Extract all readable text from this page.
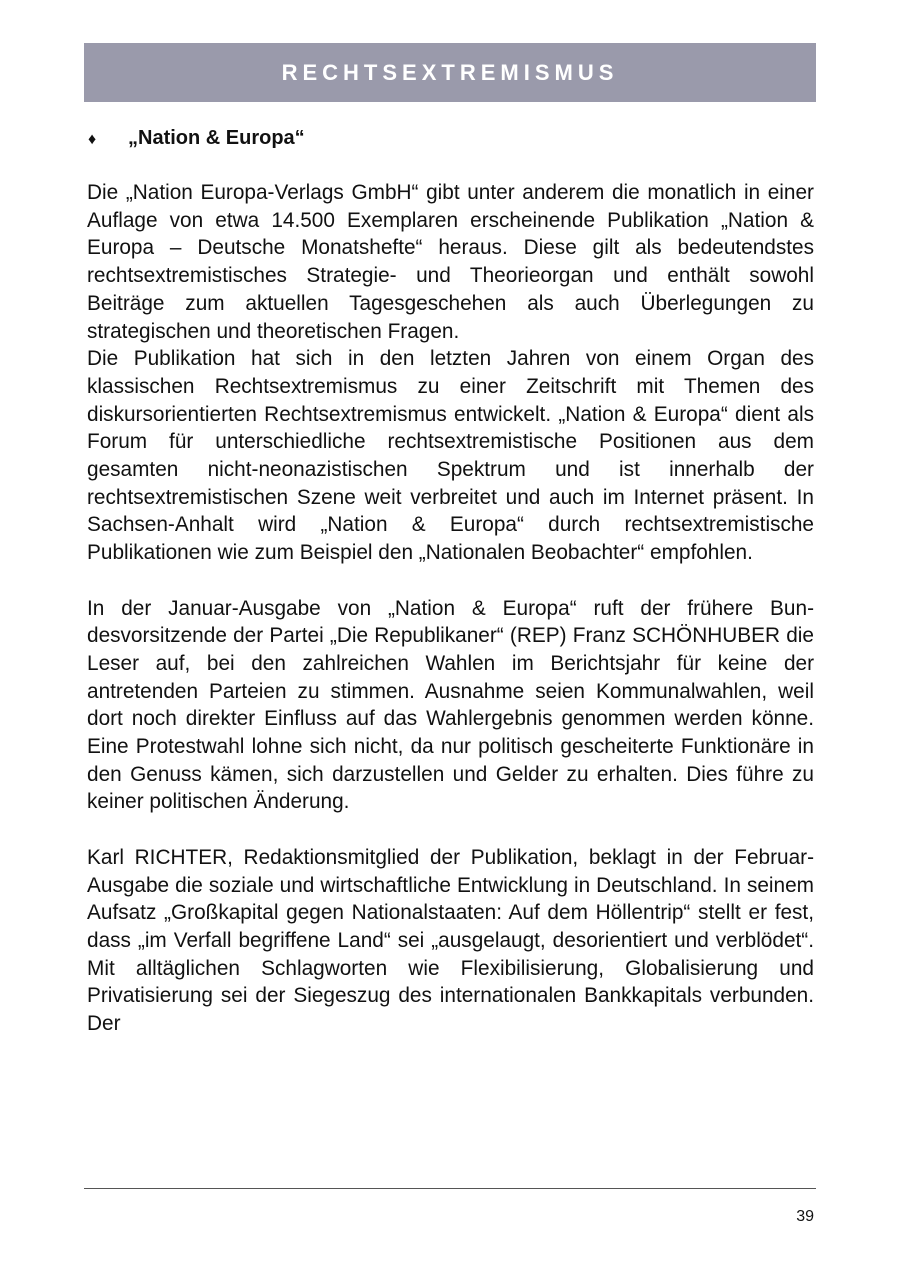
RECHTSEXTREMISMUS
♦ „Nation & Europa“

Die „Nation Europa-Verlags GmbH“ gibt unter anderem die monatlich in einer Auflage von etwa 14.500 Exemplaren erscheinende Publikation „Nation & Europa – Deutsche Monatshefte“ heraus. Diese gilt als bedeutendstes rechtsextremistisches Strategie- und Theorieorgan und enthält sowohl Beiträge zum aktuellen Tagesgeschehen als auch Überlegungen zu strategischen und theoretischen Fragen.

Die Publikation hat sich in den letzten Jahren von einem Organ des klassischen Rechtsextremismus zu einer Zeitschrift mit Themen des diskursorientierten Rechtsextremismus entwickelt. „Nation & Europa“ dient als Forum für unterschiedliche rechtsextremistische Positionen aus dem gesamten nicht-neonazistischen Spektrum und ist innerhalb der rechtsextremistischen Szene weit verbreitet und auch im Internet präsent. In Sachsen-Anhalt wird „Nation & Europa“ durch rechtsextremistische Publikationen wie zum Beispiel den „Nationalen Beobachter“ empfohlen.

In der Januar-Ausgabe von „Nation & Europa“ ruft der frühere Bundesvorsitzende der Partei „Die Republikaner“ (REP) Franz SCHÖNHUBER die Leser auf, bei den zahlreichen Wahlen im Berichtsjahr für keine der antretenden Parteien zu stimmen. Ausnahme seien Kommunalwahlen, weil dort noch direkter Einfluss auf das Wahlergebnis genommen werden könne. Eine Protestwahl lohne sich nicht, da nur politisch gescheiterte Funktionäre in den Genuss kämen, sich darzustellen und Gelder zu erhalten. Dies führe zu keiner politischen Änderung.

Karl RICHTER, Redaktionsmitglied der Publikation, beklagt in der Februar-Ausgabe die soziale und wirtschaftliche Entwicklung in Deutschland. In seinem Aufsatz „Großkapital gegen Nationalstaaten: Auf dem Höllentrip“ stellt er fest, dass „im Verfall begriffene Land“ sei „ausgelaugt, desorientiert und verblödet“. Mit alltäglichen Schlagworten wie Flexibilisierung, Globalisierung und Privatisierung sei der Siegeszug des internationalen Bankkapitals verbunden. Der

39
